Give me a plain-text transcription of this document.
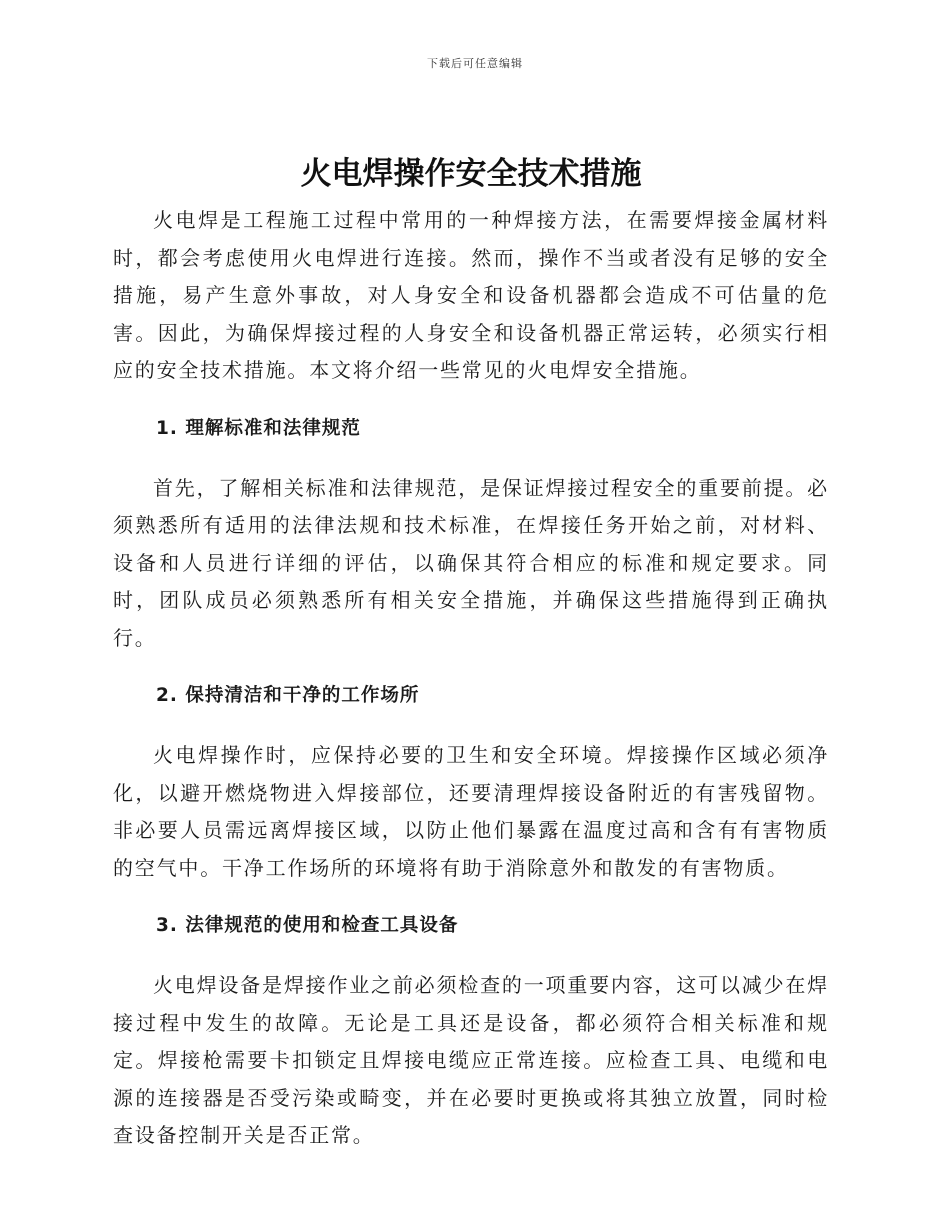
下载后可任意编辑
火电焊操作安全技术措施

火电焊是工程施工过程中常用的一种焊接方法，在需要焊接金属材料时，都会考虑使用火电焊进行连接。然而，操作不当或者没有足够的安全措施，易产生意外事故，对人身安全和设备机器都会造成不可估量的危害。因此，为确保焊接过程的人身安全和设备机器正常运转，必须实行相应的安全技术措施。本文将介绍一些常见的火电焊安全措施。

1. 理解标准和法律规范

首先，了解相关标准和法律规范，是保证焊接过程安全的重要前提。必须熟悉所有适用的法律法规和技术标准，在焊接任务开始之前，对材料、设备和人员进行详细的评估，以确保其符合相应的标准和规定要求。同时，团队成员必须熟悉所有相关安全措施，并确保这些措施得到正确执行。

2. 保持清洁和干净的工作场所

火电焊操作时，应保持必要的卫生和安全环境。焊接操作区域必须净化，以避开燃烧物进入焊接部位，还要清理焊接设备附近的有害残留物。非必要人员需远离焊接区域，以防止他们暴露在温度过高和含有有害物质的空气中。干净工作场所的环境将有助于消除意外和散发的有害物质。

3. 法律规范的使用和检查工具设备

火电焊设备是焊接作业之前必须检查的一项重要内容，这可以减少在焊接过程中发生的故障。无论是工具还是设备，都必须符合相关标准和规定。焊接枪需要卡扣锁定且焊接电缆应正常连接。应检查工具、电缆和电源的连接器是否受污染或畸变，并在必要时更换或将其独立放置，同时检查设备控制开关是否正常。
